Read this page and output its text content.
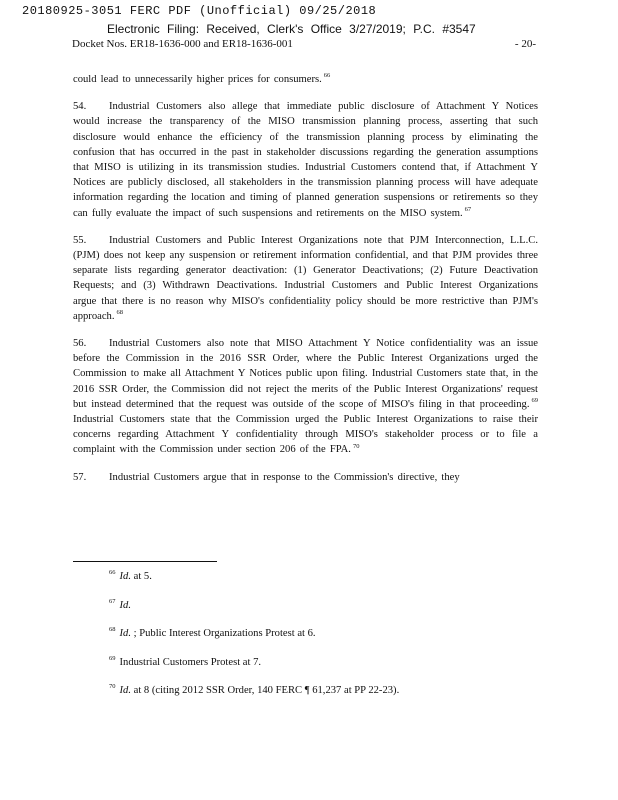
20180925-3051 FERC PDF (Unofficial) 09/25/2018
Electronic Filing: Received, Clerk's Office 3/27/2019; P.C. #3547
Docket Nos. ER18-1636-000 and ER18-1636-001	- 20-

could lead to unnecessarily higher prices for consumers. $^{66}$

54. Industrial Customers also allege that immediate public disclosure of Attachment Y Notices would increase the transparency of the MISO transmission planning process, asserting that such disclosure would enhance the efficiency of the transmission planning process by eliminating the confusion that has occurred in the past in stakeholder discussions regarding the generation assumptions that MISO is utilizing in its transmission studies. Industrial Customers contend that, if Attachment Y Notices are publicly disclosed, all stakeholders in the transmission planning process will have adequate information regarding the location and timing of planned generation suspensions or retirements so they can fully evaluate the impact of such suspensions and retirements on the MISO system. $^{67}$

55. Industrial Customers and Public Interest Organizations note that PJM Interconnection, L.L.C. (PJM) does not keep any suspension or retirement information confidential, and that PJM provides three separate lists regarding generator deactivation: (1) Generator Deactivations; (2) Future Deactivation Requests; and (3) Withdrawn Deactivations. Industrial Customers and Public Interest Organizations argue that there is no reason why MISO's confidentiality policy should be more restrictive than PJM's approach. $^{68}$

56. Industrial Customers also note that MISO Attachment Y Notice confidentiality was an issue before the Commission in the 2016 SSR Order, where the Public Interest Organizations urged the Commission to make all Attachment Y Notices public upon filing. Industrial Customers state that, in the 2016 SSR Order, the Commission did not reject the merits of the Public Interest Organizations' request but instead determined that the request was outside of the scope of MISO's filing in that proceeding. $^{69}$ Industrial Customers state that the Commission urged the Public Interest Organizations to raise their concerns regarding Attachment Y confidentiality through MISO's stakeholder process or to file a complaint with the Commission under section 206 of the FPA. $^{70}$

57. Industrial Customers argue that in response to the Commission's directive, they

$^{66}$ Id. at 5.
$^{67}$ Id.
$^{68}$ Id. ; Public Interest Organizations Protest at 6.
$^{69}$ Industrial Customers Protest at 7.
$^{70}$ Id. at 8 (citing 2012 SSR Order, 140 FERC ¶ 61,237 at PP 22-23).
